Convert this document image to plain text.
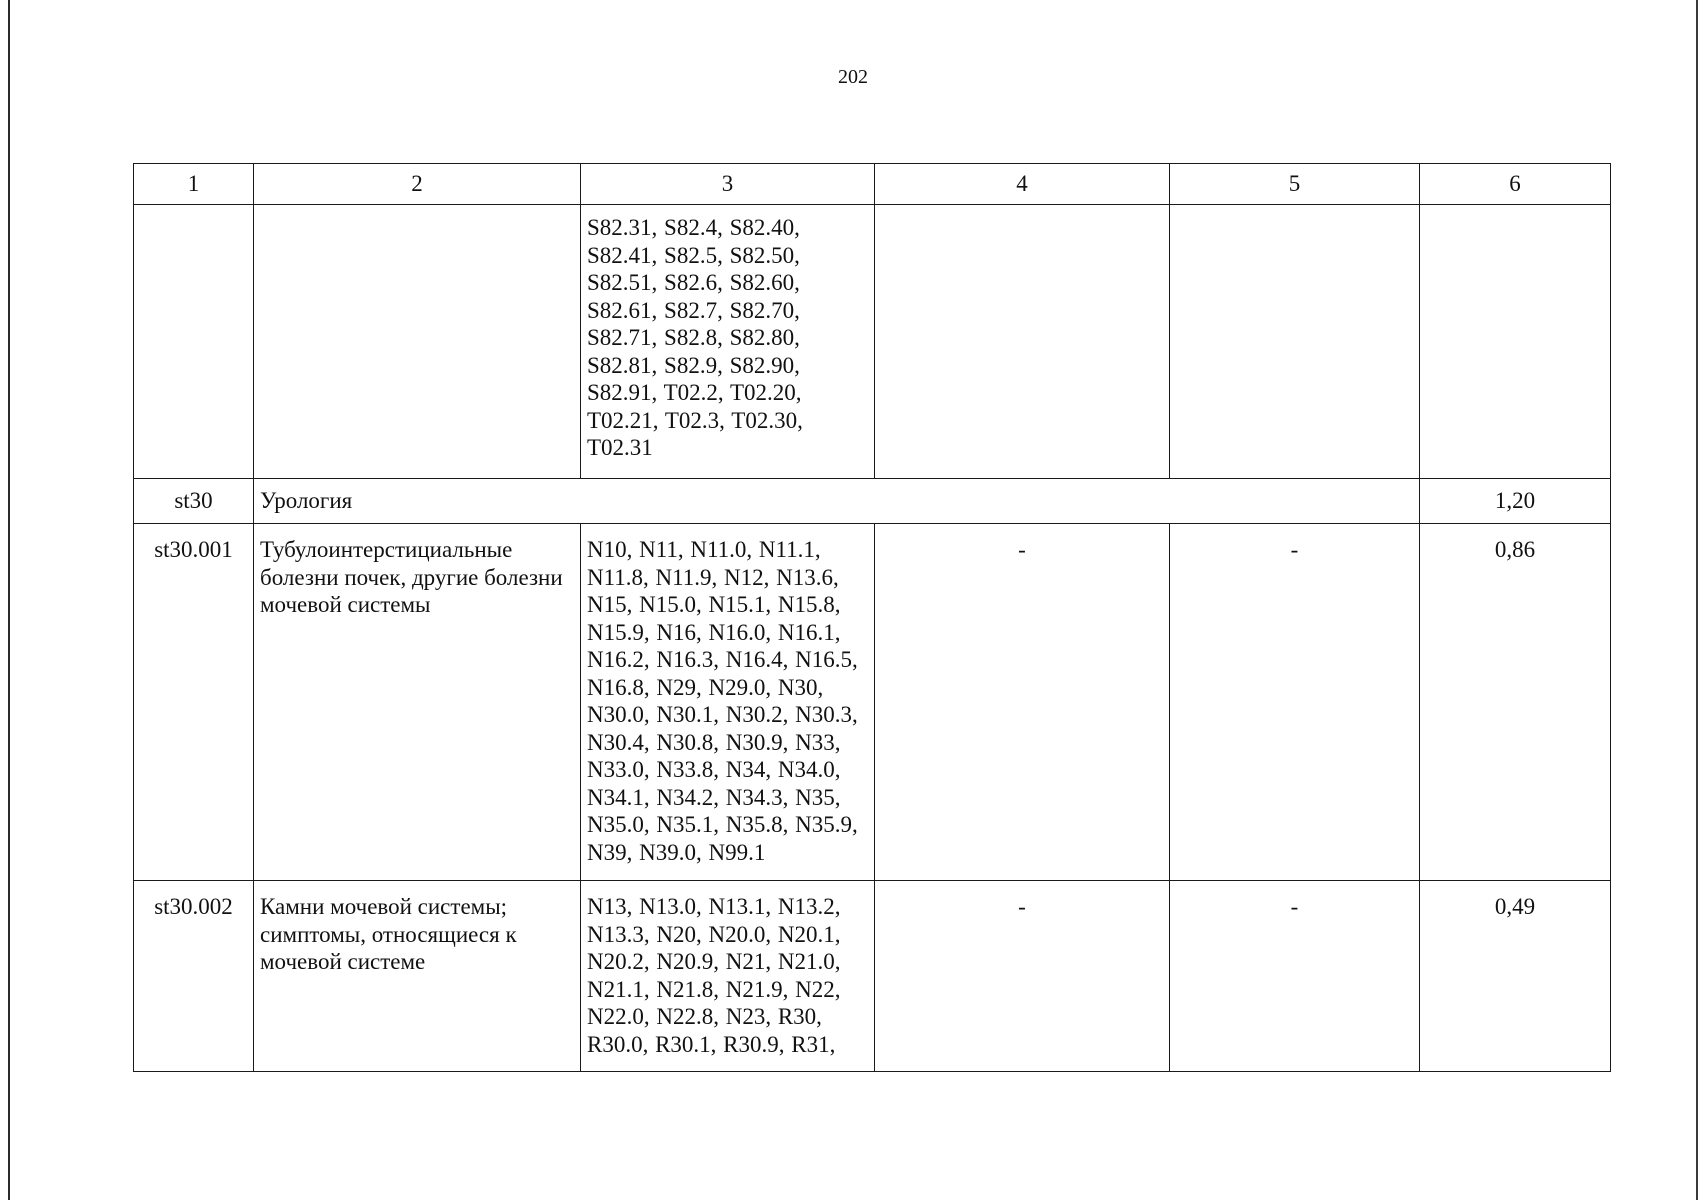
202
1	2	3	4	5	6
		S82.31, S82.4, S82.40, S82.41, S82.5, S82.50, S82.51, S82.6, S82.60, S82.61, S82.7, S82.70, S82.71, S82.8, S82.80, S82.81, S82.9, S82.90, S82.91, T02.2, T02.20, T02.21, T02.3, T02.30, T02.31			
st30	Урология				1,20
st30.001	Тубулоинтерстициальные болезни почек, другие болезни мочевой системы	N10, N11, N11.0, N11.1, N11.8, N11.9, N12, N13.6, N15, N15.0, N15.1, N15.8, N15.9, N16, N16.0, N16.1, N16.2, N16.3, N16.4, N16.5, N16.8, N29, N29.0, N30, N30.0, N30.1, N30.2, N30.3, N30.4, N30.8, N30.9, N33, N33.0, N33.8, N34, N34.0, N34.1, N34.2, N34.3, N35, N35.0, N35.1, N35.8, N35.9, N39, N39.0, N99.1	-	-	0,86
st30.002	Камни мочевой системы; симптомы, относящиеся к мочевой системе	N13, N13.0, N13.1, N13.2, N13.3, N20, N20.0, N20.1, N20.2, N20.9, N21, N21.0, N21.1, N21.8, N21.9, N22, N22.0, N22.8, N23, R30, R30.0, R30.1, R30.9, R31,	-	-	0,49
